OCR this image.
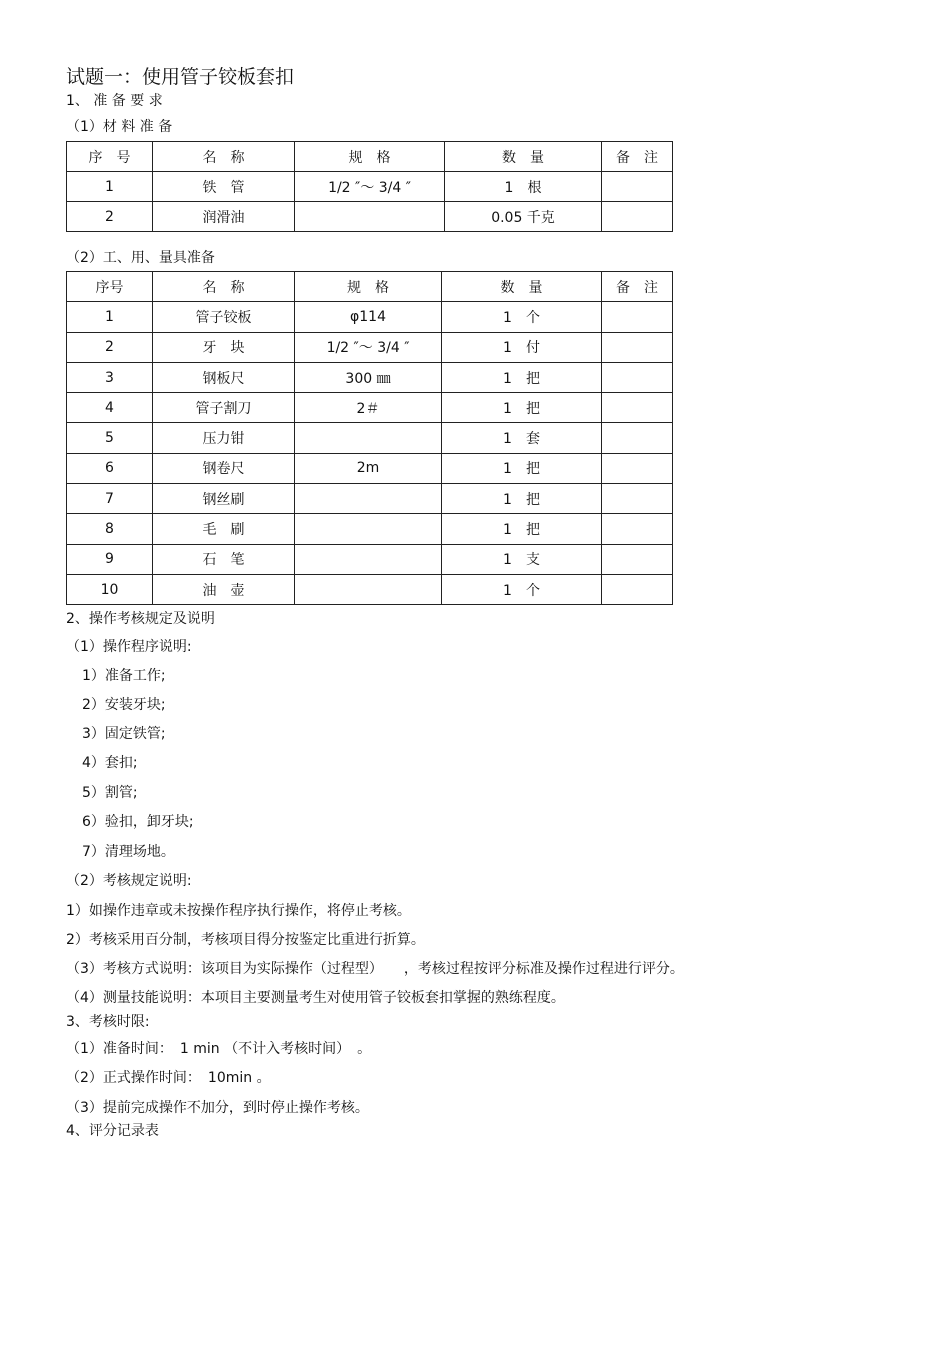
试题一：使用管子铰板套扣
1、 准 备 要 求
（1）材 料 准 备
序　号	名　称	规　格	数　量	备　注
1	铁　管	1/2 ″～ 3/4 ″	1　根	
2	润滑油		0.05 千克	
（2）工、用、量具准备
序号	名　称	规　格	数　量	备　注
1	管子铰板	φ114	1　个	
2	牙　块	1/2 ″～ 3/4 ″	1　付	
3	钢板尺	300 ㎜	1　把	
4	管子割刀	2＃	1　把	
5	压力钳		1　套	
6	钢卷尺	2m	1　把	
7	钢丝刷		1　把	
8	毛　刷		1　把	
9	石　笔		1　支	
10	油　壶		1　个	
2、操作考核规定及说明
（1）操作程序说明:
1）准备工作;
2）安装牙块;
3）固定铁管;
4）套扣;
5）割管;
6）验扣，卸牙块;
7）清理场地。
（2）考核规定说明:
1）如操作违章或未按操作程序执行操作，将停止考核。
2）考核采用百分制，考核项目得分按鉴定比重进行折算。
（3）考核方式说明：该项目为实际操作（过程型）　　，考核过程按评分标准及操作过程进行评分。
（4）测量技能说明：本项目主要测量考生对使用管子铰板套扣掌握的熟练程度。
3、考核时限:
（1）准备时间：　1 min （不计入考核时间）　。
（2）正式操作时间：　10min 。
（3）提前完成操作不加分，到时停止操作考核。
4、评分记录表
